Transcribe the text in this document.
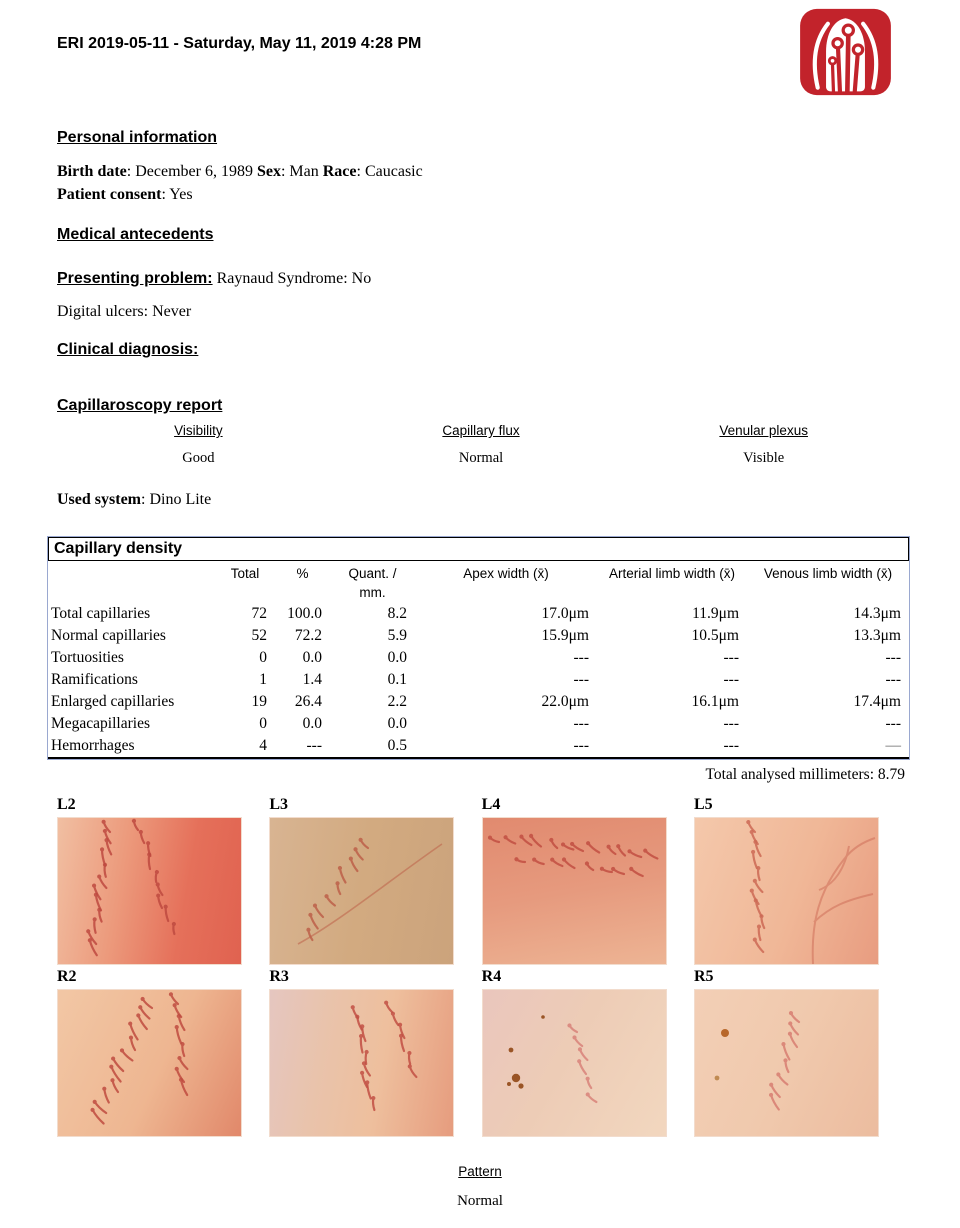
ERI 2019-05-11 - Saturday, May 11, 2019 4:28 PM
Personal information
Birth date: December 6, 1989 Sex: Man Race: Caucasic
Patient consent: Yes
Medical antecedents
Presenting problem: Raynaud Syndrome: No
Digital ulcers: Never
Clinical diagnosis:
Capillaroscopy report
Visibility	Capillary flux	Venular plexus
Good	Normal	Visible
Used system: Dino Lite
Capillary density
	Total	%	Quant. / mm.	Apex width (x̄)	Arterial limb width (x̄)	Venous limb width (x̄)
Total capillaries	72	100.0	8.2	17.0μm	11.9μm	14.3μm
Normal capillaries	52	72.2	5.9	15.9μm	10.5μm	13.3μm
Tortuosities	0	0.0	0.0	---	---	---
Ramifications	1	1.4	0.1	---	---	---
Enlarged capillaries	19	26.4	2.2	22.0μm	16.1μm	17.4μm
Megacapillaries	0	0.0	0.0	---	---	---
Hemorrhages	4	---	0.5	---	---	—
Total analysed millimeters: 8.79
L2	L3	L4	L5
R2	R3	R4	R5
Pattern
Normal
